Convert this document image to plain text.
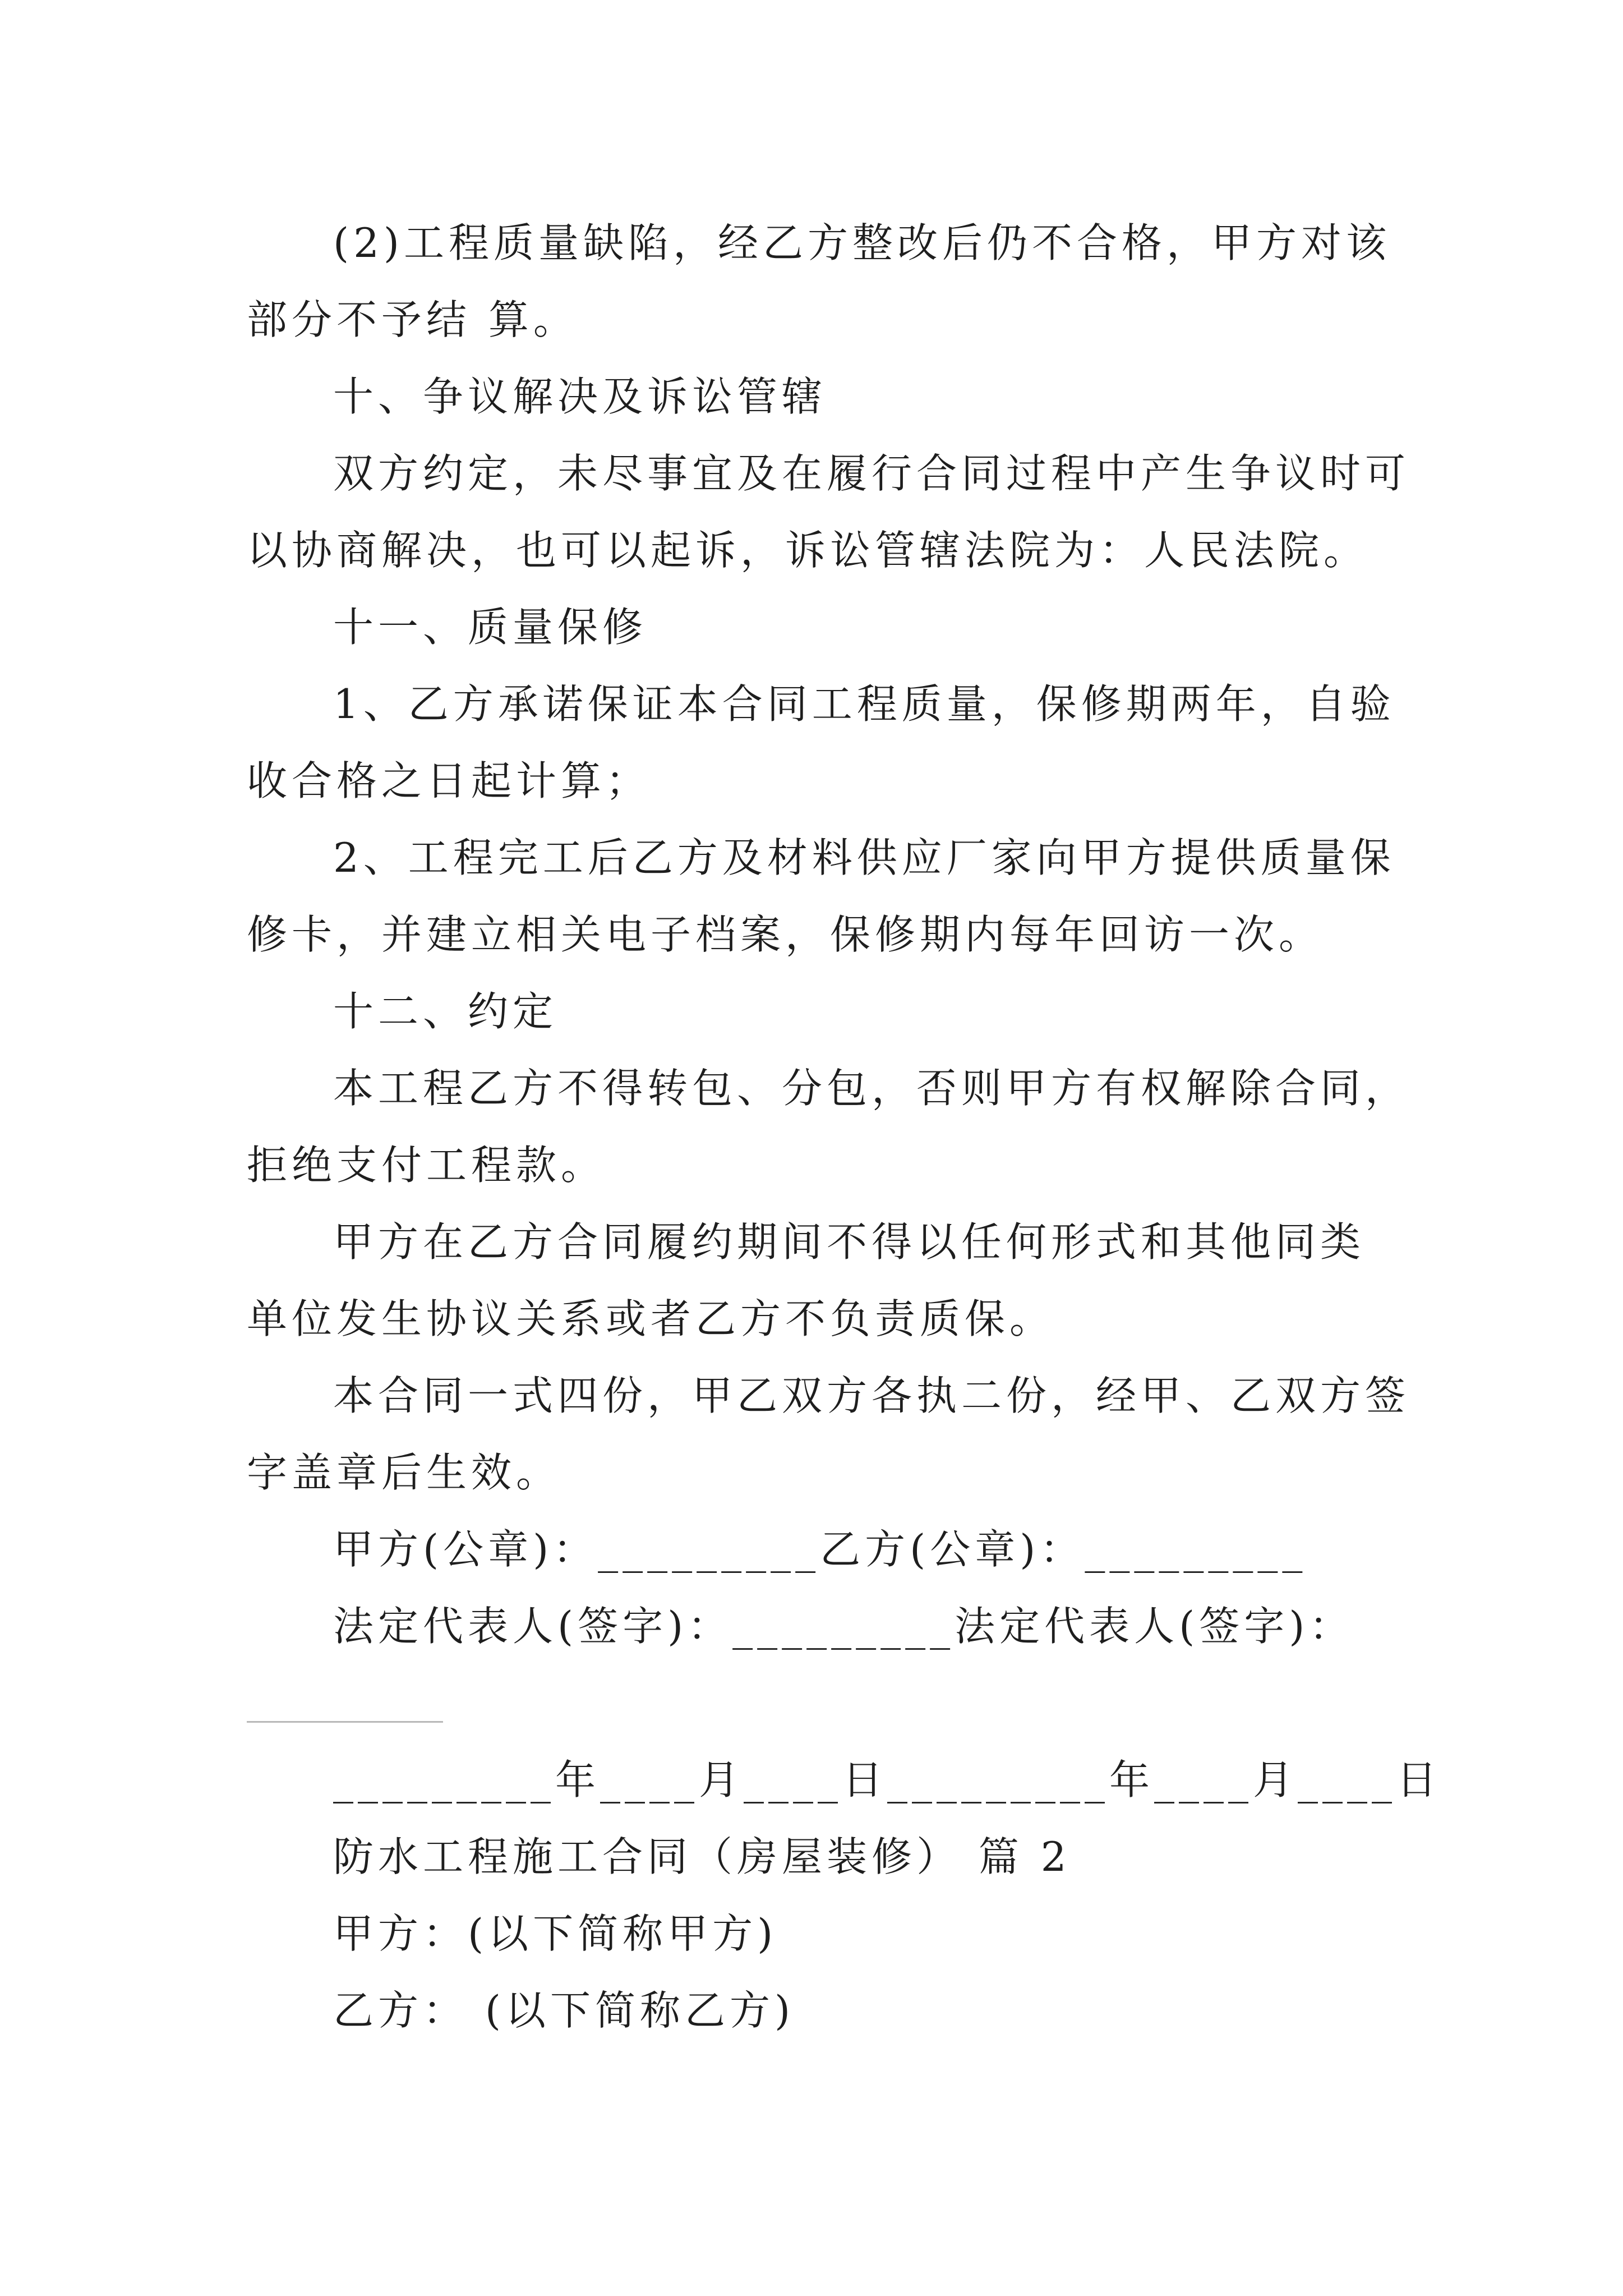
(2)工程质量缺陷，经乙方整改后仍不合格，甲方对该
部分不予结 算。
十、争议解决及诉讼管辖
双方约定，未尽事宜及在履行合同过程中产生争议时可
以协商解决，也可以起诉，诉讼管辖法院为：人民法院。
十一、质量保修
1、乙方承诺保证本合同工程质量，保修期两年，自验
收合格之日起计算；
2、工程完工后乙方及材料供应厂家向甲方提供质量保
修卡，并建立相关电子档案，保修期内每年回访一次。
十二、约定
本工程乙方不得转包、分包，否则甲方有权解除合同，
拒绝支付工程款。
甲方在乙方合同履约期间不得以任何形式和其他同类
单位发生协议关系或者乙方不负责质保。
本合同一式四份，甲乙双方各执二份，经甲、乙双方签
字盖章后生效。
甲方(公章)：_________乙方(公章)：_________
法定代表人(签字)：_________法定代表人(签字)：
_________年____月____日_________年____月____日
防水工程施工合同（房屋装修） 篇 2
甲方：(以下简称甲方)
乙方： (以下简称乙方)
